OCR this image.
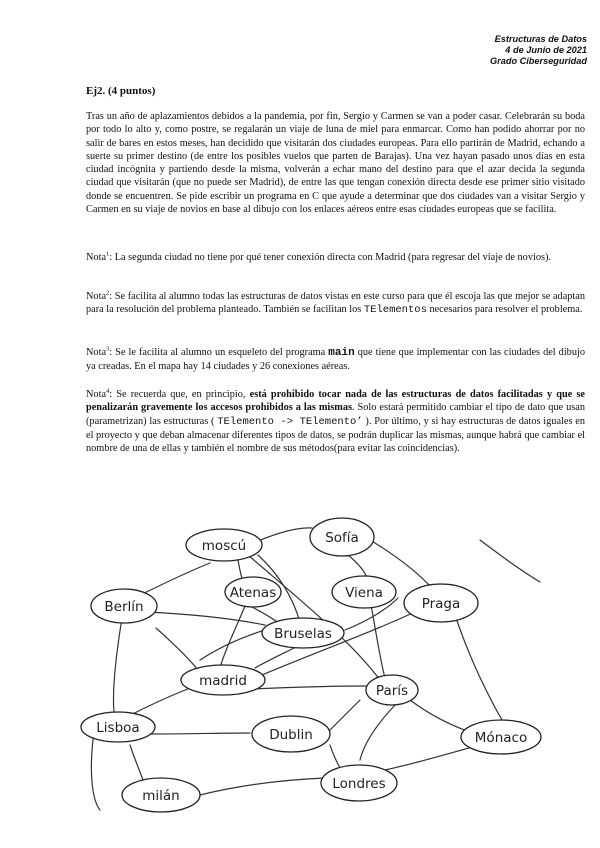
Estructuras de Datos
4 de Junio de 2021
Grado Ciberseguridad
Ej2. (4 puntos)

Tras un año de aplazamientos debidos a la pandemia, por fin, Sergio y Carmen se van a poder casar. Celebrarán su boda por todo lo alto y, como postre, se regalarán un viaje de luna de miel para enmarcar. Como han podido ahorrar por no salir de bares en estos meses, han decidido que visitarán dos ciudades europeas. Para ello partirán de Madrid, echando a suerte su primer destino (de entre los posibles vuelos que parten de Barajas). Una vez hayan pasado unos días en esta ciudad incógnita y partiendo desde la misma, volverán a echar mano del destino para que el azar decida la segunda ciudad que visitarán (que no puede ser Madrid), de entre las que tengan conexión directa desde ese primer sitio visitado donde se encuentren. Se pide escribir un programa en C que ayude a determinar que dos ciudades van a visitar Sergio y Carmen en su viaje de novios en base al dibujo con los enlaces aéreos entre esas ciudades europeas que se facilita.

Nota$^1$: La segunda ciudad no tiene por qué tener conexión directa con Madrid (para regresar del viaje de novios).

Nota$^2$: Se facilita al alumno todas las estructuras de datos vistas en este curso para que él escoja las que mejor se adaptan para la resolución del problema planteado. También se facilitan los TElementos necesarios para resolver el problema.

Nota$^3$: Se le facilita al alumno un esqueleto del programa main que tiene que implementar con las ciudades del dibujo ya creadas. En el mapa hay 14 ciudades y 26 conexiones aéreas.

Nota$^4$: Se recuerda que, en principio, está prohibido tocar nada de las estructuras de datos facilitadas y que se penalizarán gravemente los accesos prohibidos a las mismas. Solo estará permitido cambiar el tipo de dato que usan (parametrizan) las estructuras ( TElemento -> TElemento’ ). Por último, y si hay estructuras de datos iguales en el proyecto y que deban almacenar diferentes tipos de datos, se podrán duplicar las mismas, aunque habrá que cambiar el nombre de una de ellas y también el nombre de sus métodos(para evitar las coincidencias).

moscú	Sofía
Atenas	Viena
Berlín	Praga
Bruselas
madrid
París
Lisboa	Dublin	Mónaco
milán
Londres
